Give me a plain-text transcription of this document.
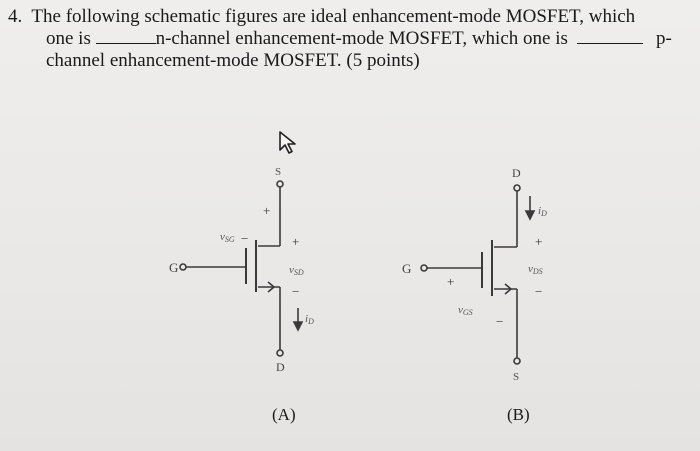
4. The following schematic figures are ideal enhancement-mode MOSFET, which
one is	n-channel enhancement-mode MOSFET, which one is	p-
channel enhancement-mode MOSFET. (5 points)
G
S
D
+
−
vSG	+
vSD
−
iD
(A)
G
D
S
+
vGS
−
+
vDS
−
iD
(B)
